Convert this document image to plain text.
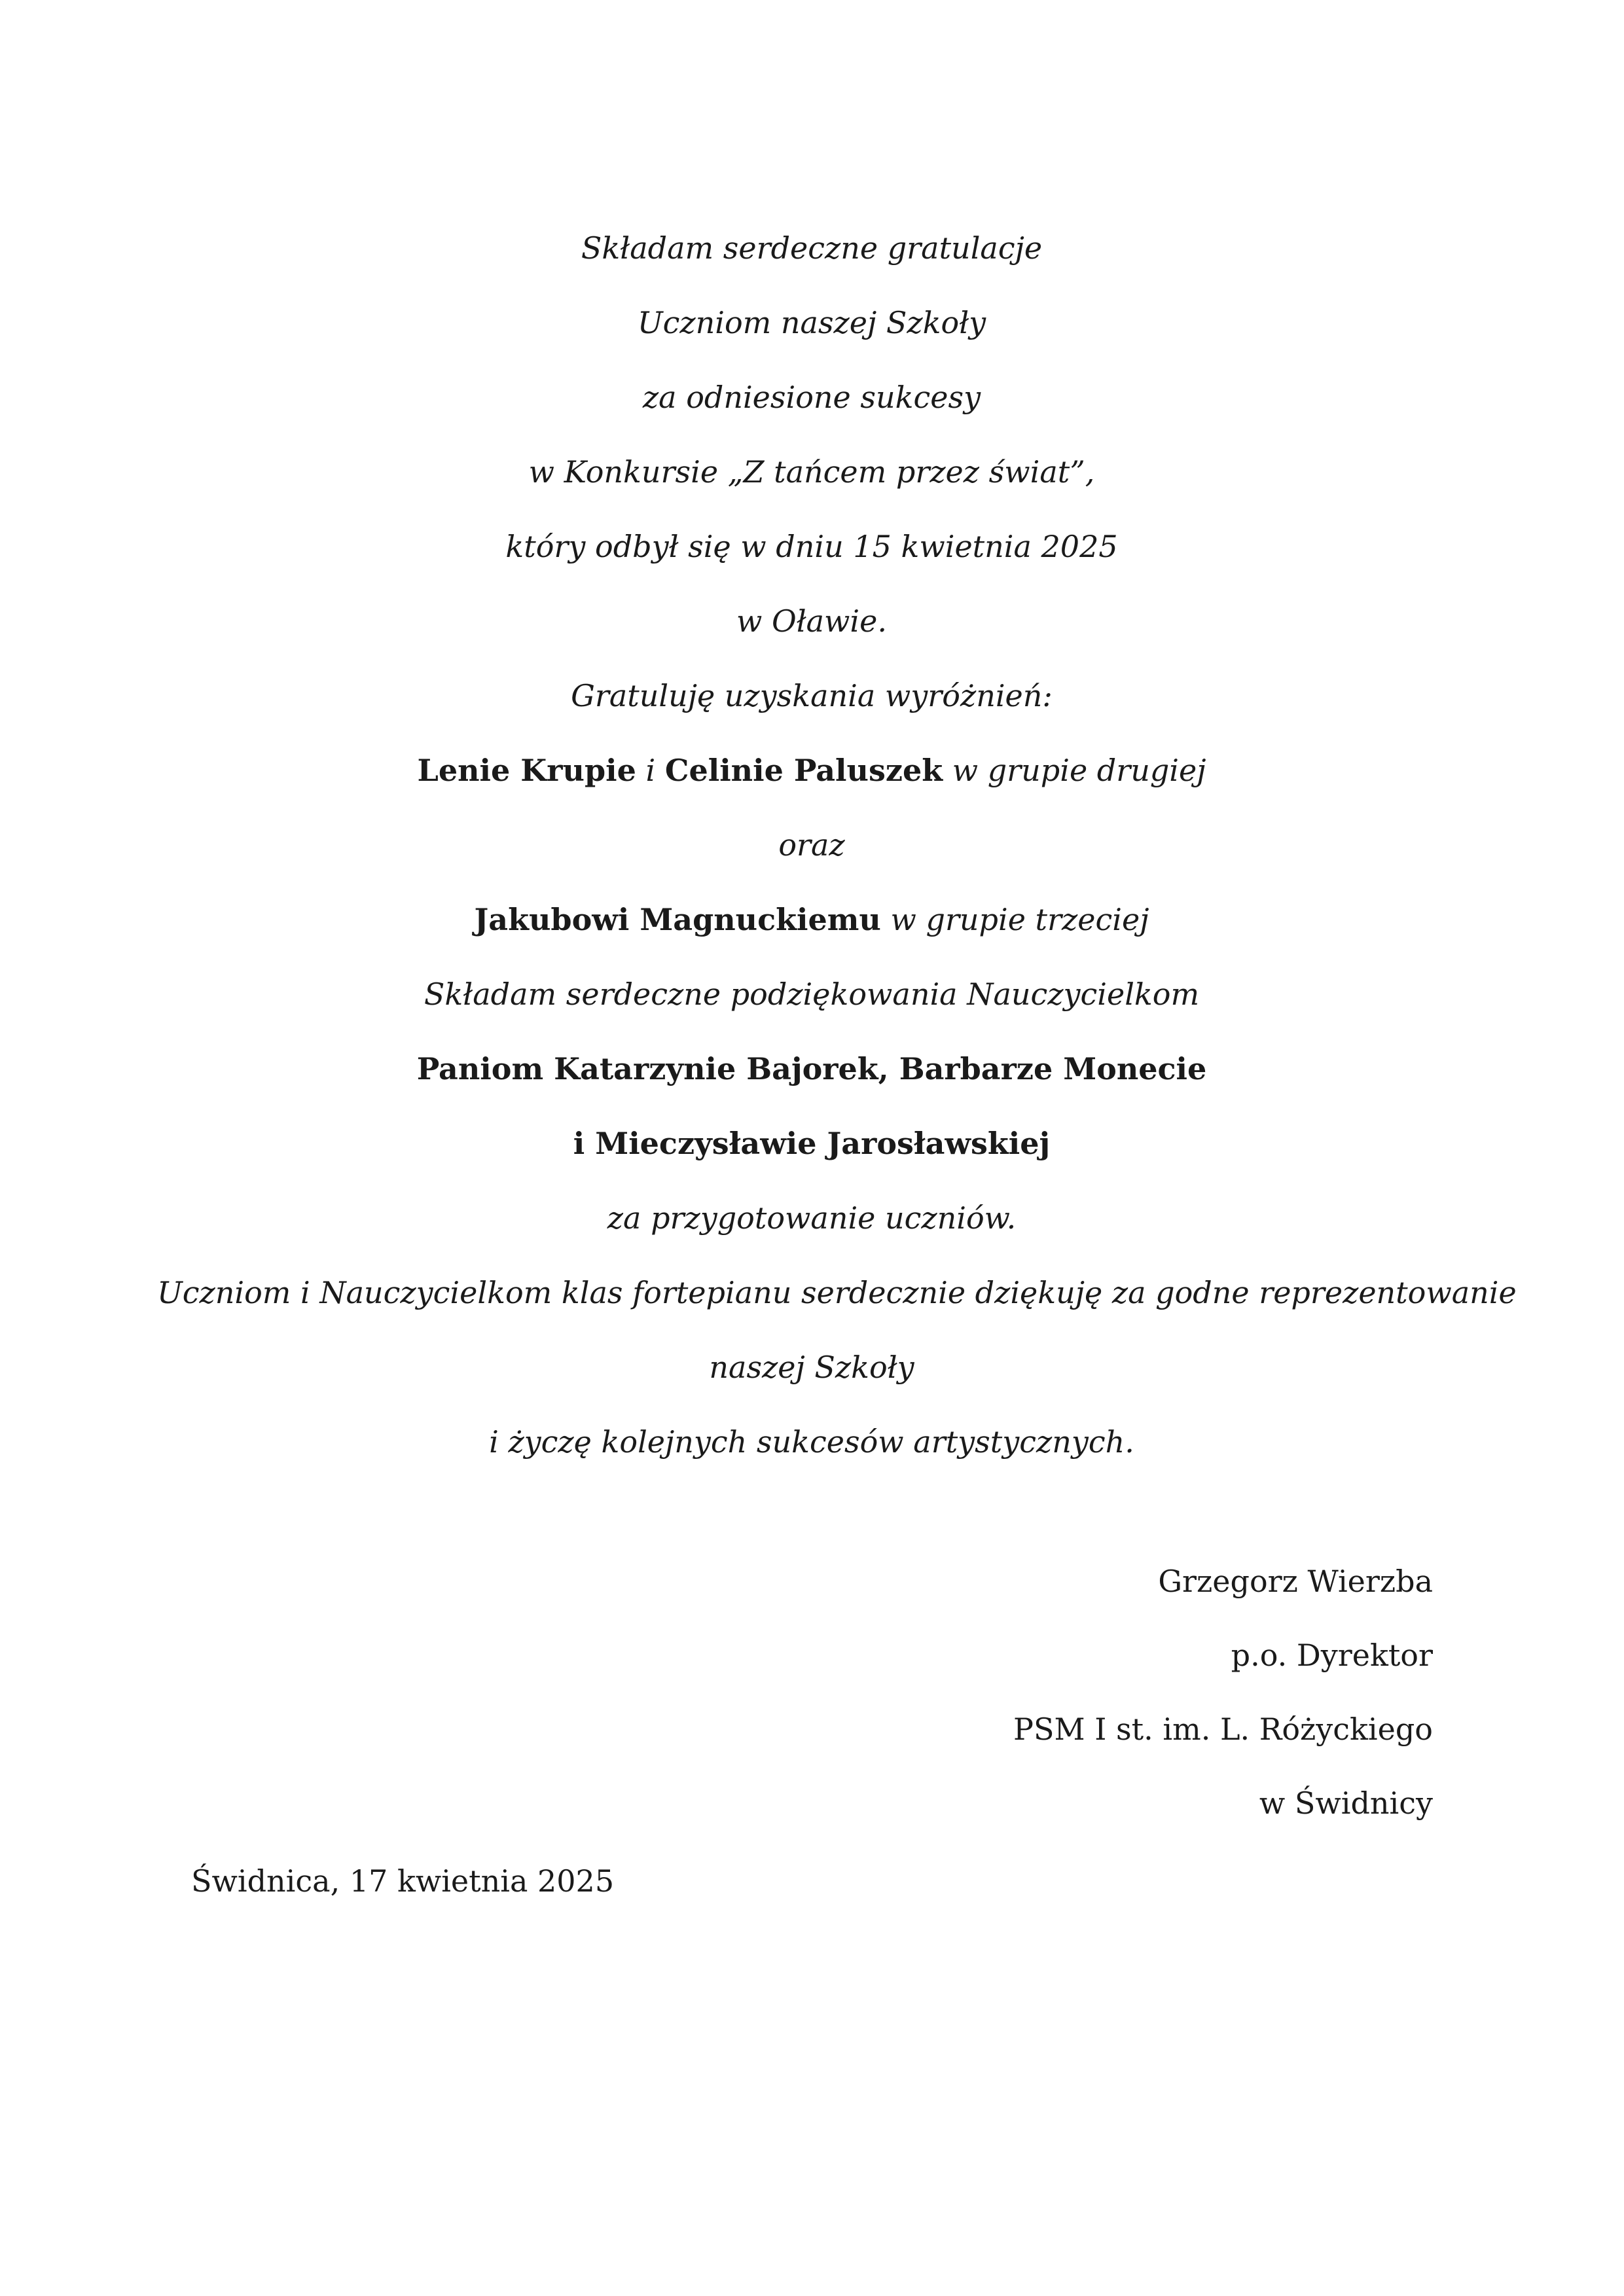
Składam serdeczne gratulacje
Uczniom naszej Szkoły
za odniesione sukcesy
w Konkursie „Z tańcem przez świat”,
który odbył się w dniu 15 kwietnia 2025
w Oławie.
Gratuluję uzyskania wyróżnień:
Lenie Krupie i Celinie Paluszek w grupie drugiej
oraz
Jakubowi Magnuckiemu w grupie trzeciej
Składam serdeczne podziękowania Nauczycielkom
Paniom Katarzynie Bajorek, Barbarze Monecie
i Mieczysławie Jarosławskiej
za przygotowanie uczniów.
Uczniom i Nauczycielkom klas fortepianu serdecznie dziękuję za godne reprezentowanie
naszej Szkoły
i życzę kolejnych sukcesów artystycznych.
Grzegorz Wierzba
p.o. Dyrektor
PSM I st. im. L. Różyckiego
w Świdnicy
Świdnica, 17 kwietnia 2025
